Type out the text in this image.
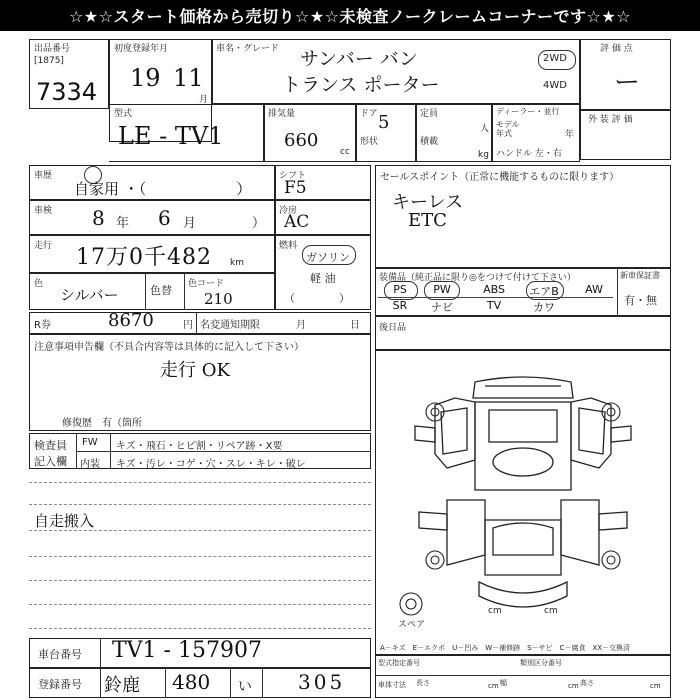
☆★☆スタート価格から売切り☆★☆未検査ノークレームコーナーです☆★☆
出品番号
[1875]
7334
初度登録年月
19 11
月
車名・グレード サンバー バン
トランス ポーター
2WD
4WD
評 価 点
ー
外 装 評 価
型式
LE - TV1
排気量
660
cc
ドア 5
形状
定員
人
積載
kg
ディーラー・並行
モデル
年式	年
ハンドル 左・右
車歴
自家用 ・（　　　　　　）
車検 8 年 6 月	）
走行 17万0千482 km
色
シルバー	色替 色コード
210
シフト
F5
冷房
AC
燃料
ガソリン
軽 油
（　　　　）
セールスポイント（正常に機能するものに限ります）
キーレス
ETC
装備品（純正品に限り◎をつけて付けて下さい）	新車保証書
有・無
PS	PW	ABS	エアB	AW
SR	ナビ	TV	カワ
R券	8670	円 名変通知期限	月	日
注意事項申告欄（不具合内容等は具体的に記入して下さい）
走行 OK
修復歴　有（箇所
後日品
検査員
記入欄
FW キズ・飛石・ヒビ割・リペア跡・X要
内装 キズ・汚レ・コゲ・穴・スレ・キレ・破レ
自走搬入
車台番号 TV1 - 157907
登録番号 鈴鹿 480 い 305
スペア
cm	cm
A－キズ　E－エクボ　U－凹み　W－補修跡　S－サビ　C－腐食　XX－交換済
型式指定番号	類別区分番号
車体寸法 長さ	cm 幅	cm 高さ	cm
